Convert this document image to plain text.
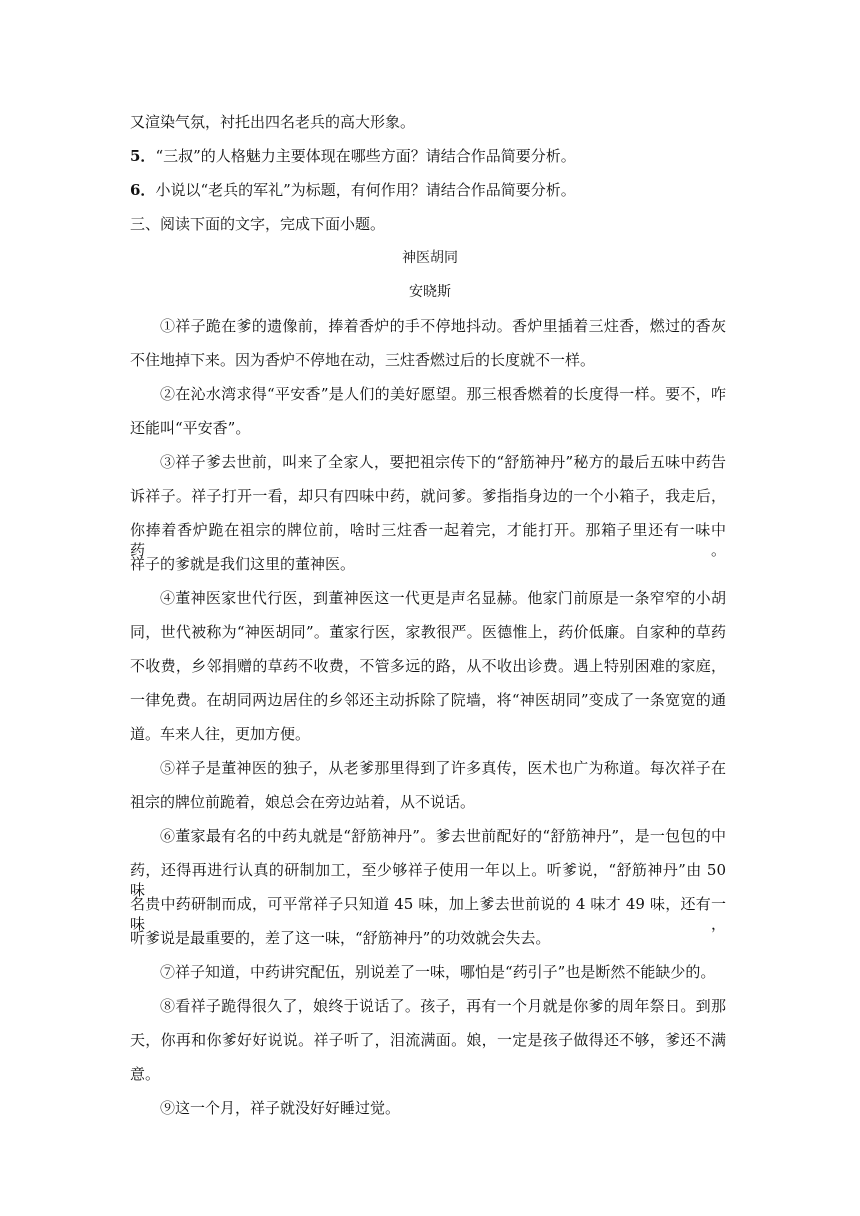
又渲染气氛，衬托出四名老兵的高大形象。
5．“三叔”的人格魅力主要体现在哪些方面？请结合作品简要分析。
6．小说以“老兵的军礼”为标题，有何作用？请结合作品简要分析。
三、阅读下面的文字，完成下面小题。
神医胡同
安晓斯
①祥子跪在爹的遗像前，捧着香炉的手不停地抖动。香炉里插着三炷香，燃过的香灰
不住地掉下来。因为香炉不停地在动，三炷香燃过后的长度就不一样。
②在沁水湾求得“平安香”是人们的美好愿望。那三根香燃着的长度得一样。要不，咋
还能叫“平安香”。
③祥子爹去世前，叫来了全家人，要把祖宗传下的“舒筋神丹”秘方的最后五味中药告
诉祥子。祥子打开一看，却只有四味中药，就问爹。爹指指身边的一个小箱子，我走后，
你捧着香炉跪在祖宗的牌位前，啥时三炷香一起着完，才能打开。那箱子里还有一味中药。
祥子的爹就是我们这里的董神医。
④董神医家世代行医，到董神医这一代更是声名显赫。他家门前原是一条窄窄的小胡
同，世代被称为“神医胡同”。董家行医，家教很严。医德惟上，药价低廉。自家种的草药
不收费，乡邻捐赠的草药不收费，不管多远的路，从不收出诊费。遇上特别困难的家庭，
一律免费。在胡同两边居住的乡邻还主动拆除了院墙，将“神医胡同”变成了一条宽宽的通
道。车来人往，更加方便。
⑤祥子是董神医的独子，从老爹那里得到了许多真传，医术也广为称道。每次祥子在
祖宗的牌位前跪着，娘总会在旁边站着，从不说话。
⑥董家最有名的中药丸就是“舒筋神丹”。爹去世前配好的“舒筋神丹”，是一包包的中
药，还得再进行认真的研制加工，至少够祥子使用一年以上。听爹说，“舒筋神丹”由 50 味
名贵中药研制而成，可平常祥子只知道 45 味，加上爹去世前说的 4 味才 49 味，还有一味，
听爹说是最重要的，差了这一味，“舒筋神丹”的功效就会失去。
⑦祥子知道，中药讲究配伍，别说差了一味，哪怕是“药引子”也是断然不能缺少的。
⑧看祥子跪得很久了，娘终于说话了。孩子，再有一个月就是你爹的周年祭日。到那
天，你再和你爹好好说说。祥子听了，泪流满面。娘，一定是孩子做得还不够，爹还不满
意。
⑨这一个月，祥子就没好好睡过觉。
